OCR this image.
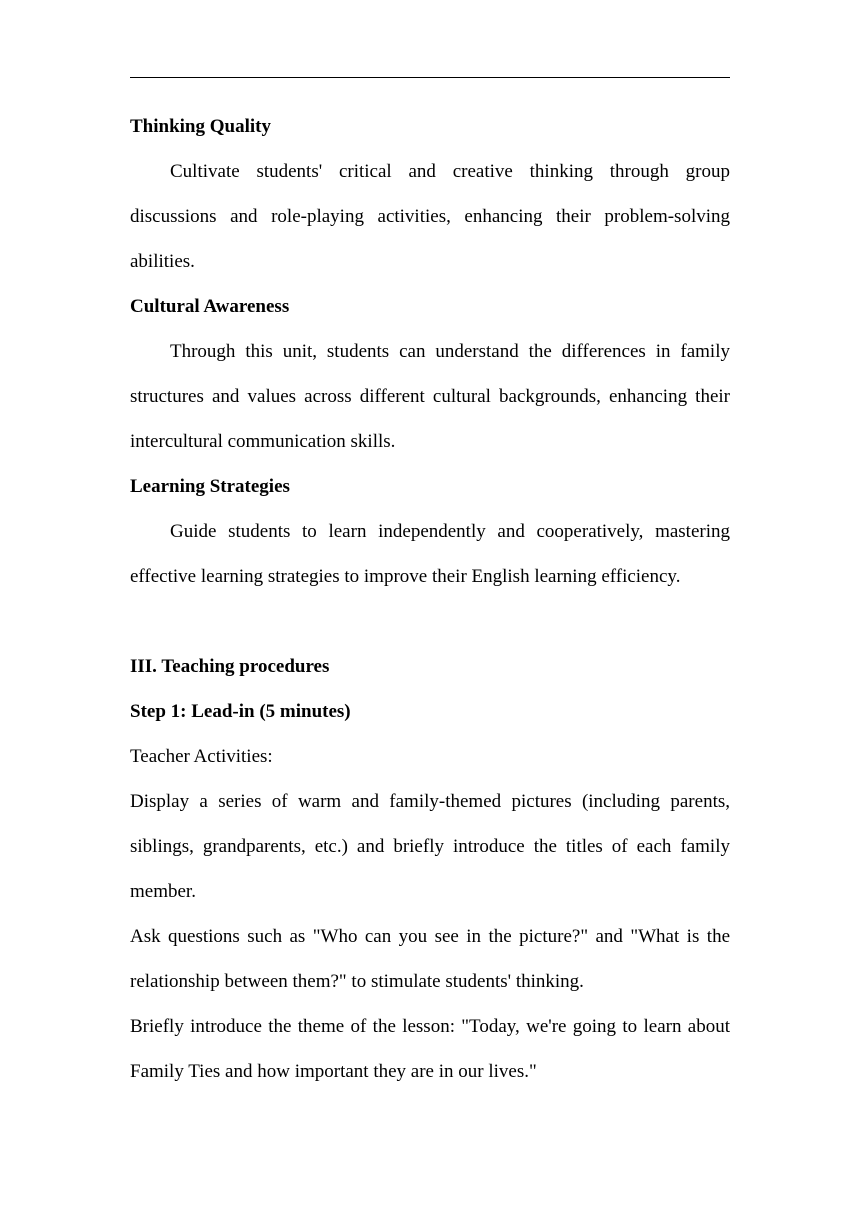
Thinking Quality

Cultivate students' critical and creative thinking through group discussions and role-playing activities, enhancing their problem-solving abilities.

Cultural Awareness

Through this unit, students can understand the differences in family structures and values across different cultural backgrounds, enhancing their intercultural communication skills.

Learning Strategies

Guide students to learn independently and cooperatively, mastering effective learning strategies to improve their English learning efficiency.

III. Teaching procedures

Step 1: Lead-in (5 minutes)

Teacher Activities:

Display a series of warm and family-themed pictures (including parents, siblings, grandparents, etc.) and briefly introduce the titles of each family member.

Ask questions such as "Who can you see in the picture?" and "What is the relationship between them?" to stimulate students' thinking.

Briefly introduce the theme of the lesson: "Today, we're going to learn about Family Ties and how important they are in our lives."
